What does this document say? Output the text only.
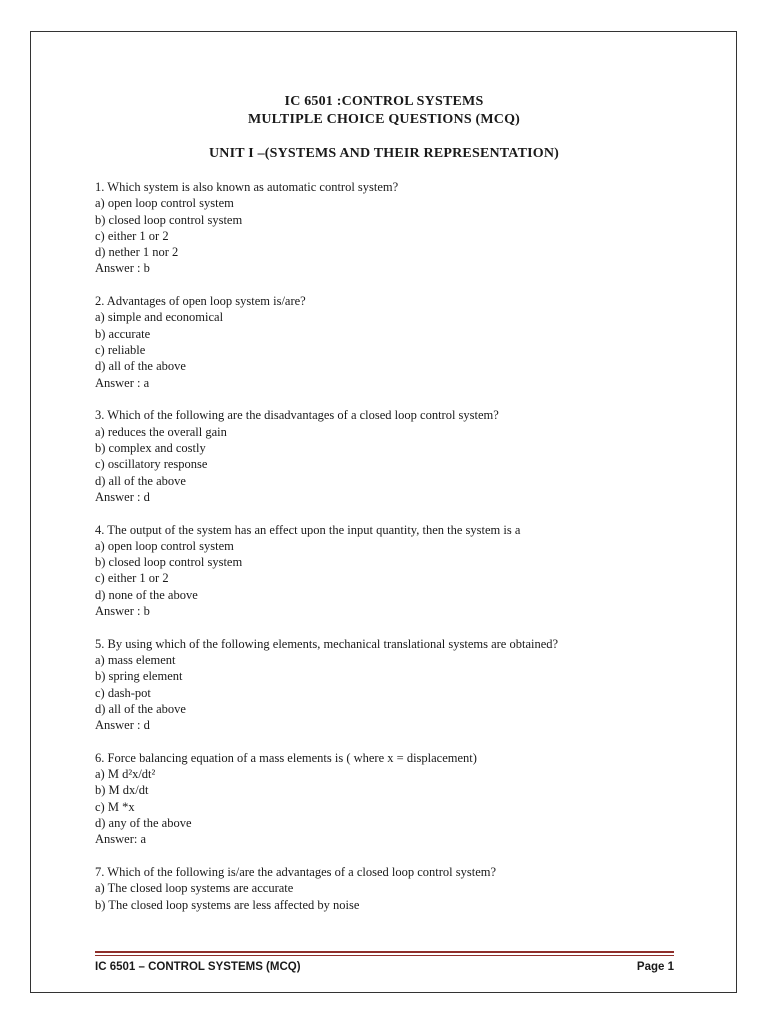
IC 6501 :CONTROL SYSTEMS
MULTIPLE CHOICE QUESTIONS (MCQ)
UNIT I –(SYSTEMS AND THEIR REPRESENTATION)
1. Which system is also known as automatic control system?
a) open loop control system
b) closed loop control system
c) either 1 or 2
d) nether 1 nor 2
Answer : b
2. Advantages of open loop system is/are?
a) simple and economical
b) accurate
c) reliable
d) all of the above
Answer : a
3. Which of the following are the disadvantages of a closed loop control system?
a) reduces the overall gain
b) complex and costly
c) oscillatory response
d) all of the above
Answer : d
4. The output of the system has an effect upon the input quantity, then the system is a
a) open loop control system
b) closed loop control system
c) either 1 or 2
d) none of the above
Answer : b
5. By using which of the following elements, mechanical translational systems are obtained?
a) mass element
b) spring element
c) dash-pot
d) all of the above
Answer : d
6. Force balancing equation of a mass elements is ( where x = displacement)
a) M d²x/dt²
b) M dx/dt
c) M *x
d) any of the above
Answer: a
7. Which of the following is/are the advantages of a closed loop control system?
a) The closed loop systems are accurate
b) The closed loop systems are less affected by noise
IC 6501 – CONTROL SYSTEMS (MCQ)	Page 1
